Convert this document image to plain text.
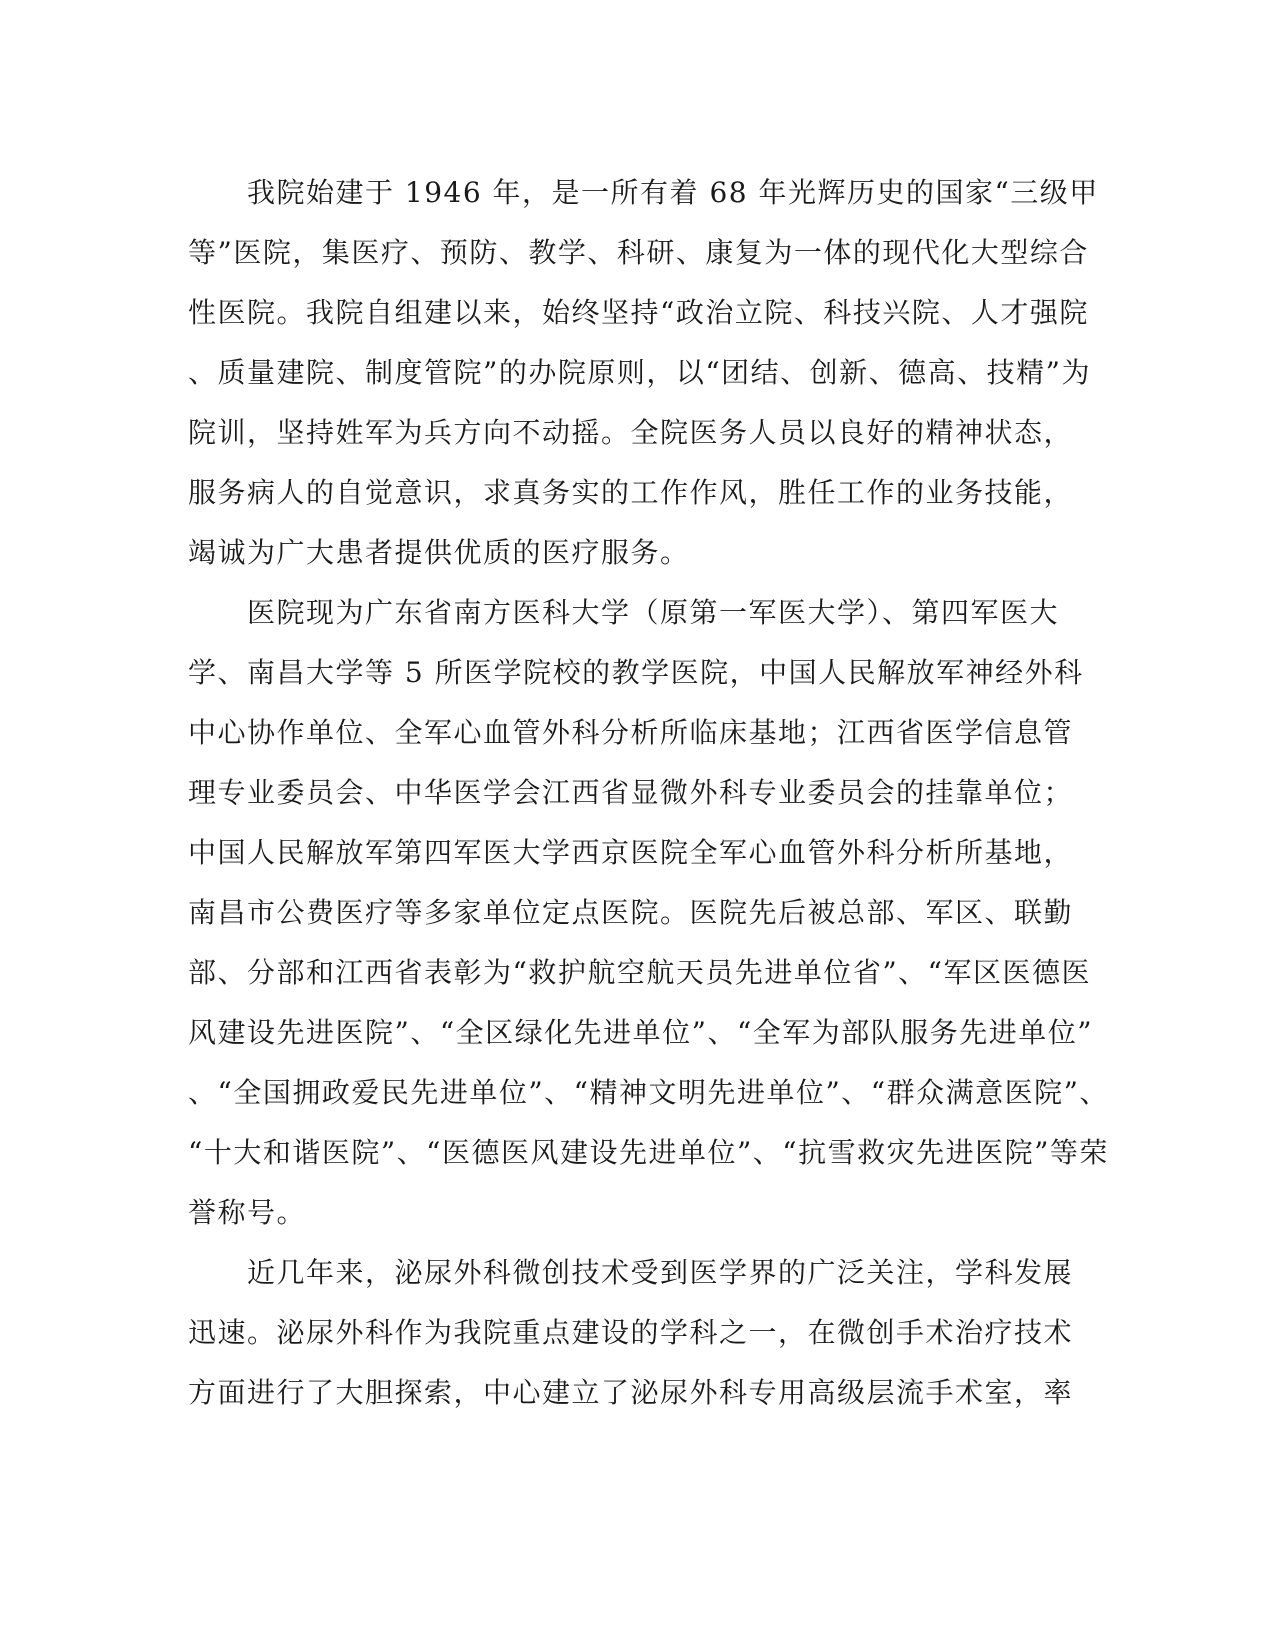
　　我院始建于 1946 年，是一所有着 68 年光辉历史的国家“三级甲
等”医院，集医疗、预防、教学、科研、康复为一体的现代化大型综合
性医院。我院自组建以来，始终坚持“政治立院、科技兴院、人才强院
、质量建院、制度管院”的办院原则，以“团结、创新、德高、技精”为
院训，坚持姓军为兵方向不动摇。全院医务人员以良好的精神状态，
服务病人的自觉意识，求真务实的工作作风，胜任工作的业务技能，
竭诚为广大患者提供优质的医疗服务。
　　医院现为广东省南方医科大学（原第一军医大学）、第四军医大
学、南昌大学等 5 所医学院校的教学医院，中国人民解放军神经外科
中心协作单位、全军心血管外科分析所临床基地；江西省医学信息管
理专业委员会、中华医学会江西省显微外科专业委员会的挂靠单位；
中国人民解放军第四军医大学西京医院全军心血管外科分析所基地，
南昌市公费医疗等多家单位定点医院。医院先后被总部、军区、联勤
部、分部和江西省表彰为“救护航空航天员先进单位省”、“军区医德医
风建设先进医院”、“全区绿化先进单位”、“全军为部队服务先进单位”
、“全国拥政爱民先进单位”、“精神文明先进单位”、“群众满意医院”、
“十大和谐医院”、“医德医风建设先进单位”、“抗雪救灾先进医院”等荣
誉称号。
　　近几年来，泌尿外科微创技术受到医学界的广泛关注，学科发展
迅速。泌尿外科作为我院重点建设的学科之一，在微创手术治疗技术
方面进行了大胆探索，中心建立了泌尿外科专用高级层流手术室，率
